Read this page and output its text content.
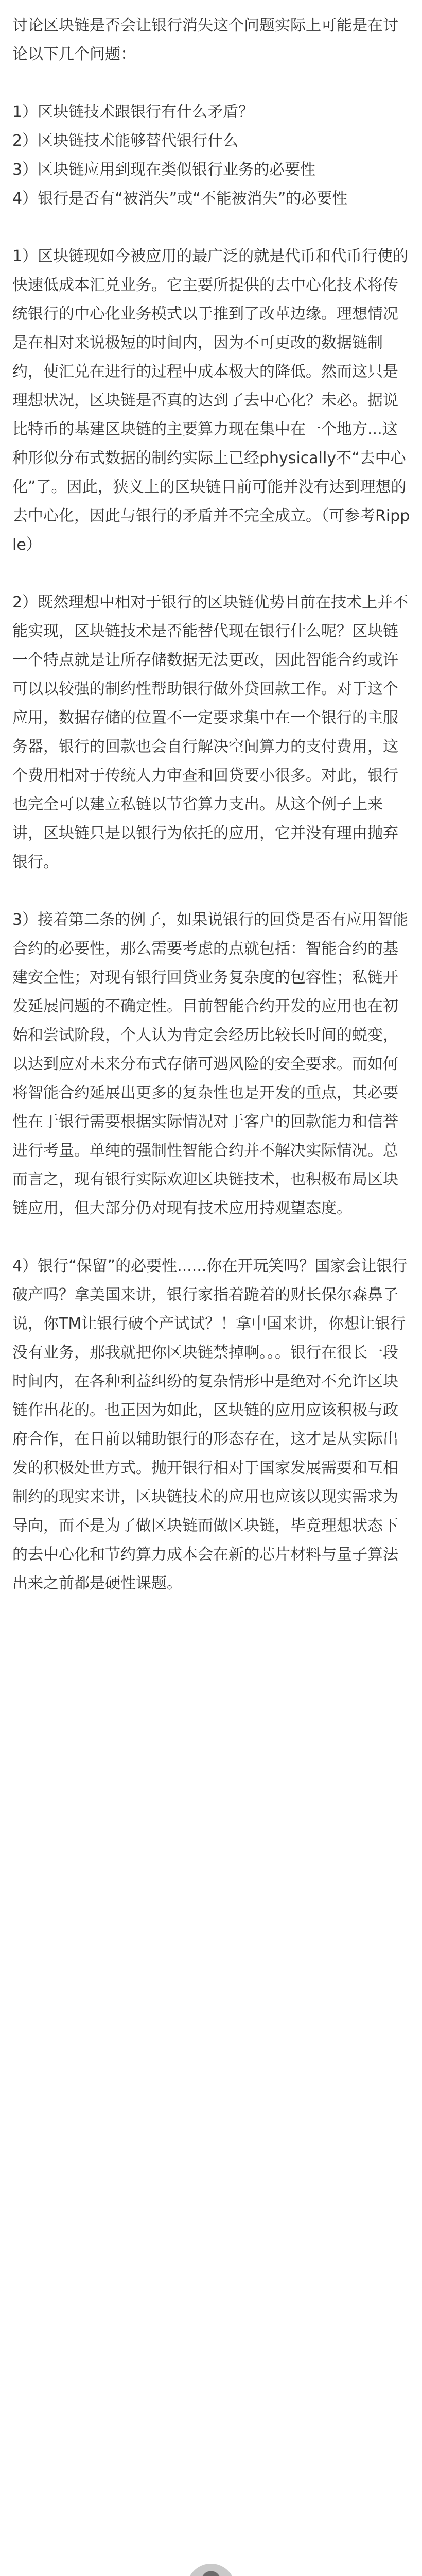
讨论区块链是否会让银行消失这个问题实际上可能是在讨论以下几个问题：

1）区块链技术跟银行有什么矛盾？
2）区块链技术能够替代银行什么
3）区块链应用到现在类似银行业务的必要性
4）银行是否有“被消失”或“不能被消失”的必要性

1）区块链现如今被应用的最广泛的就是代币和代币行使的快速低成本汇兑业务。它主要所提供的去中心化技术将传统银行的中心化业务模式以于推到了改革边缘。理想情况是在相对来说极短的时间内，因为不可更改的数据链制约，使汇兑在进行的过程中成本极大的降低。然而这只是理想状况，区块链是否真的达到了去中心化？未必。据说比特币的基建区块链的主要算力现在集中在一个地方...这种形似分布式数据的制约实际上已经physically不“去中心化”了。因此，狭义上的区块链目前可能并没有达到理想的去中心化，因此与银行的矛盾并不完全成立。（可参考Ripple）

2）既然理想中相对于银行的区块链优势目前在技术上并不能实现，区块链技术是否能替代现在银行什么呢？区块链一个特点就是让所存储数据无法更改，因此智能合约或许可以以较强的制约性帮助银行做外贷回款工作。对于这个应用，数据存储的位置不一定要求集中在一个银行的主服务器，银行的回款也会自行解决空间算力的支付费用，这个费用相对于传统人力审查和回贷要小很多。对此，银行也完全可以建立私链以节省算力支出。从这个例子上来讲，区块链只是以银行为依托的应用，它并没有理由抛弃银行。

3）接着第二条的例子，如果说银行的回贷是否有应用智能合约的必要性，那么需要考虑的点就包括：智能合约的基建安全性；对现有银行回贷业务复杂度的包容性；私链开发延展问题的不确定性。目前智能合约开发的应用也在初始和尝试阶段，个人认为肯定会经历比较长时间的蜕变，以达到应对未来分布式存储可遇风险的安全要求。而如何将智能合约延展出更多的复杂性也是开发的重点，其必要性在于银行需要根据实际情况对于客户的回款能力和信誉进行考量。单纯的强制性智能合约并不解决实际情况。总而言之，现有银行实际欢迎区块链技术，也积极布局区块链应用，但大部分仍对现有技术应用持观望态度。

4）银行“保留”的必要性......你在开玩笑吗？国家会让银行破产吗？拿美国来讲，银行家指着跪着的财长保尔森鼻子说，你TM让银行破个产试试？！拿中国来讲，你想让银行没有业务，那我就把你区块链禁掉啊。。。银行在很长一段时间内，在各种利益纠纷的复杂情形中是绝对不允许区块链作出花的。也正因为如此，区块链的应用应该积极与政府合作，在目前以辅助银行的形态存在，这才是从实际出发的积极处世方式。抛开银行相对于国家发展需要和互相制约的现实来讲，区块链技术的应用也应该以现实需求为导向，而不是为了做区块链而做区块链，毕竟理想状态下的去中心化和节约算力成本会在新的芯片材料与量子算法出来之前都是硬性课题。
